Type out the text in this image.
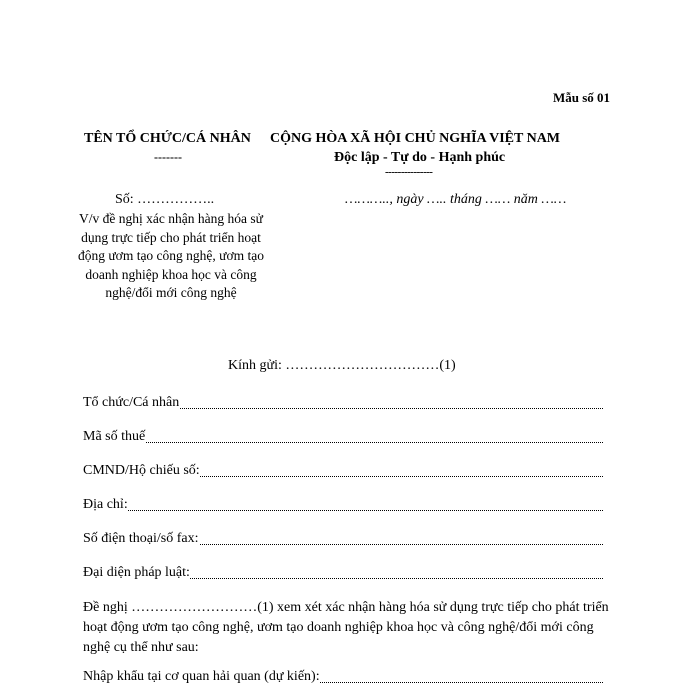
Mẫu số 01
TÊN TỔ CHỨC/CÁ NHÂN
-------
CỘNG HÒA XÃ HỘI CHỦ NGHĨA VIỆT NAM
Độc lập - Tự do - Hạnh phúc
---------------
Số: ……………..
V/v đề nghị xác nhận hàng hóa sử dụng trực tiếp cho phát triển hoạt động ươm tạo công nghệ, ươm tạo doanh nghiệp khoa học và công nghệ/đổi mới công nghệ
……….., ngày ….. tháng …… năm ……
Kính gửi: ……………………………(1)
Tổ chức/Cá nhân
Mã số thuế
CMND/Hộ chiếu số:
Địa chỉ:
Số điện thoại/số fax:
Đại diện pháp luật:
Đề nghị ………………………(1) xem xét xác nhận hàng hóa sử dụng trực tiếp cho phát triển hoạt động ươm tạo công nghệ, ươm tạo doanh nghiệp khoa học và công nghệ/đổi mới công nghệ cụ thể như sau:
Nhập khẩu tại cơ quan hải quan (dự kiến):
